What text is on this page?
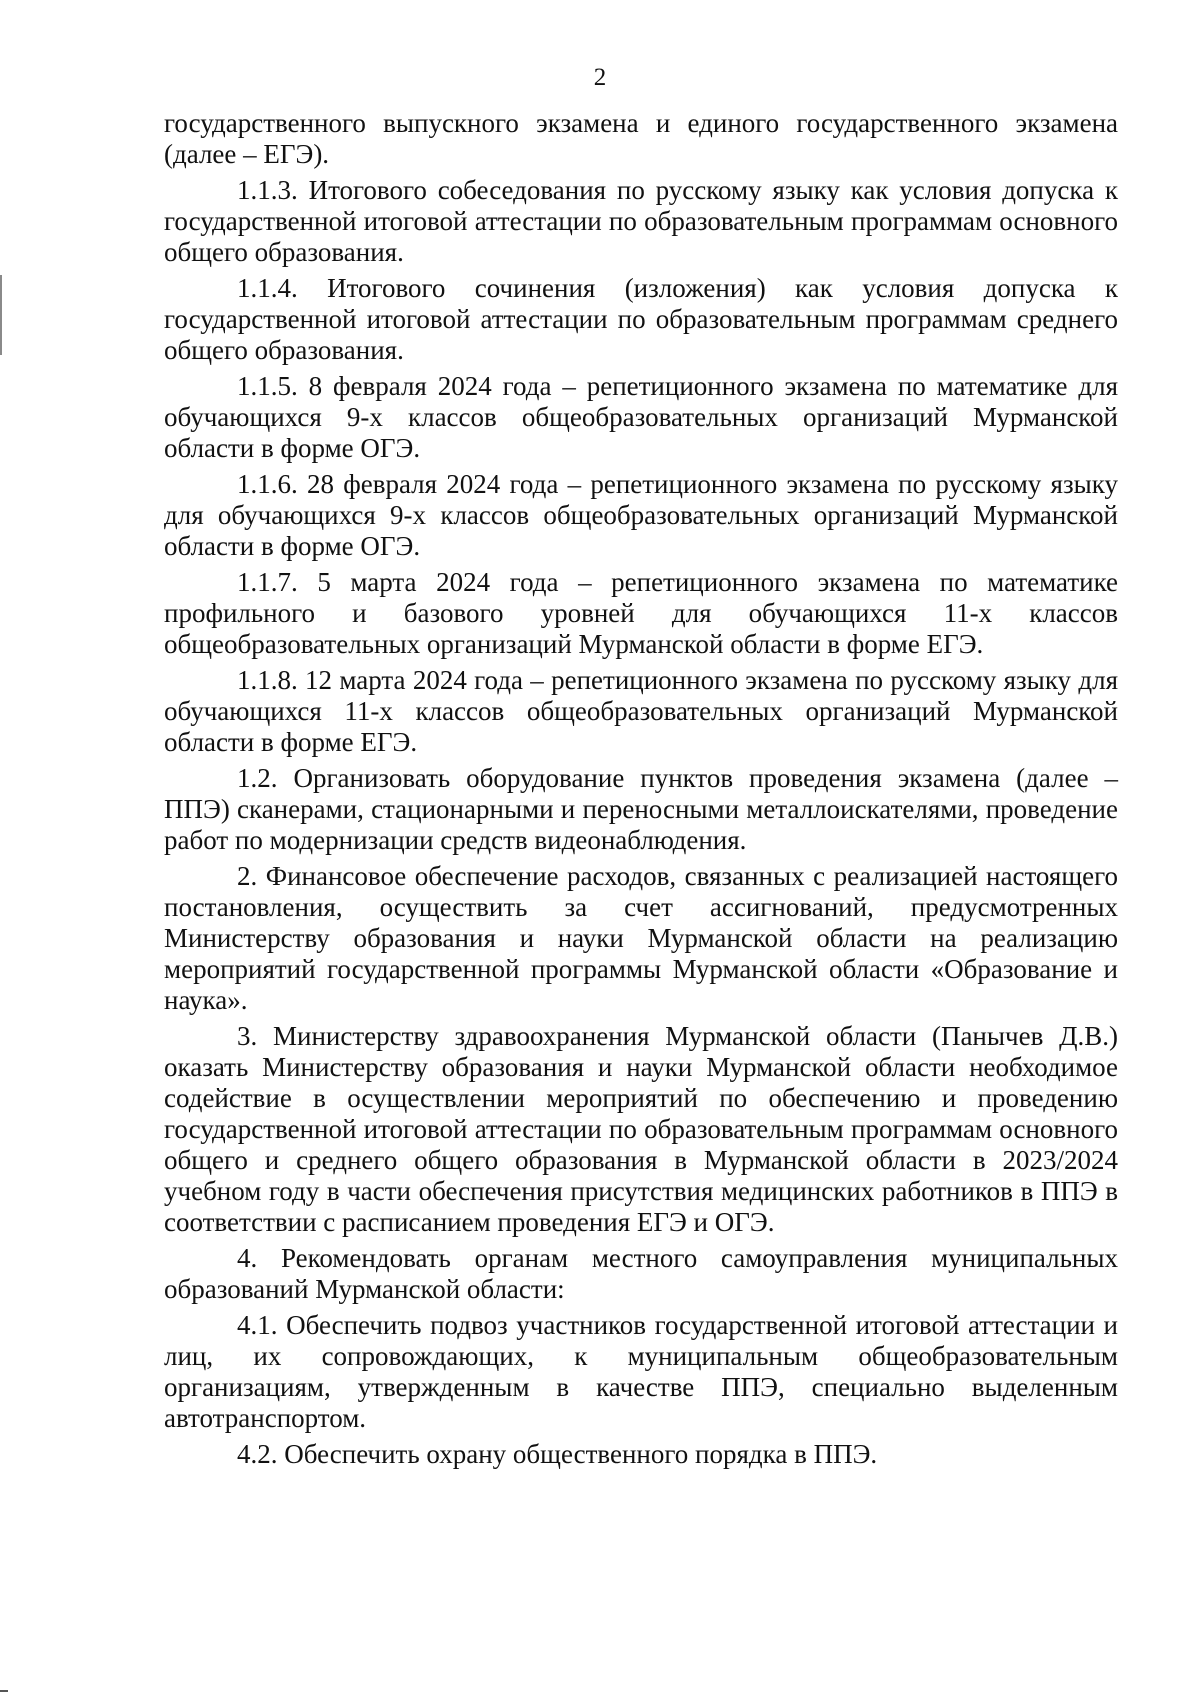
2

государственного выпускного экзамена и единого государственного экзамена (далее – ЕГЭ).

1.1.3. Итогового собеседования по русскому языку как условия допуска к государственной итоговой аттестации по образовательным программам основного общего образования.

1.1.4. Итогового сочинения (изложения) как условия допуска к государственной итоговой аттестации по образовательным программам среднего общего образования.

1.1.5. 8 февраля 2024 года – репетиционного экзамена по математике для обучающихся 9-х классов общеобразовательных организаций Мурманской области в форме ОГЭ.

1.1.6. 28 февраля 2024 года – репетиционного экзамена по русскому языку для обучающихся 9-х классов общеобразовательных организаций Мурманской области в форме ОГЭ.

1.1.7. 5 марта 2024 года – репетиционного экзамена по математике профильного и базового уровней для обучающихся 11-х классов общеобразовательных организаций Мурманской области в форме ЕГЭ.

1.1.8. 12 марта 2024 года – репетиционного экзамена по русскому языку для обучающихся 11-х классов общеобразовательных организаций Мурманской области в форме ЕГЭ.

1.2. Организовать оборудование пунктов проведения экзамена (далее – ППЭ) сканерами, стационарными и переносными металлоискателями, проведение работ по модернизации средств видеонаблюдения.

2. Финансовое обеспечение расходов, связанных с реализацией настоящего постановления, осуществить за счет ассигнований, предусмотренных Министерству образования и науки Мурманской области на реализацию мероприятий государственной программы Мурманской области «Образование и наука».

3. Министерству здравоохранения Мурманской области (Панычев Д.В.) оказать Министерству образования и науки Мурманской области необходимое содействие в осуществлении мероприятий по обеспечению и проведению государственной итоговой аттестации по образовательным программам основного общего и среднего общего образования в Мурманской области в 2023/2024 учебном году в части обеспечения присутствия медицинских работников в ППЭ в соответствии с расписанием проведения ЕГЭ и ОГЭ.

4. Рекомендовать органам местного самоуправления муниципальных образований Мурманской области:

4.1. Обеспечить подвоз участников государственной итоговой аттестации и лиц, их сопровождающих, к муниципальным общеобразовательным организациям, утвержденным в качестве ППЭ, специально выделенным автотранспортом.

4.2. Обеспечить охрану общественного порядка в ППЭ.
